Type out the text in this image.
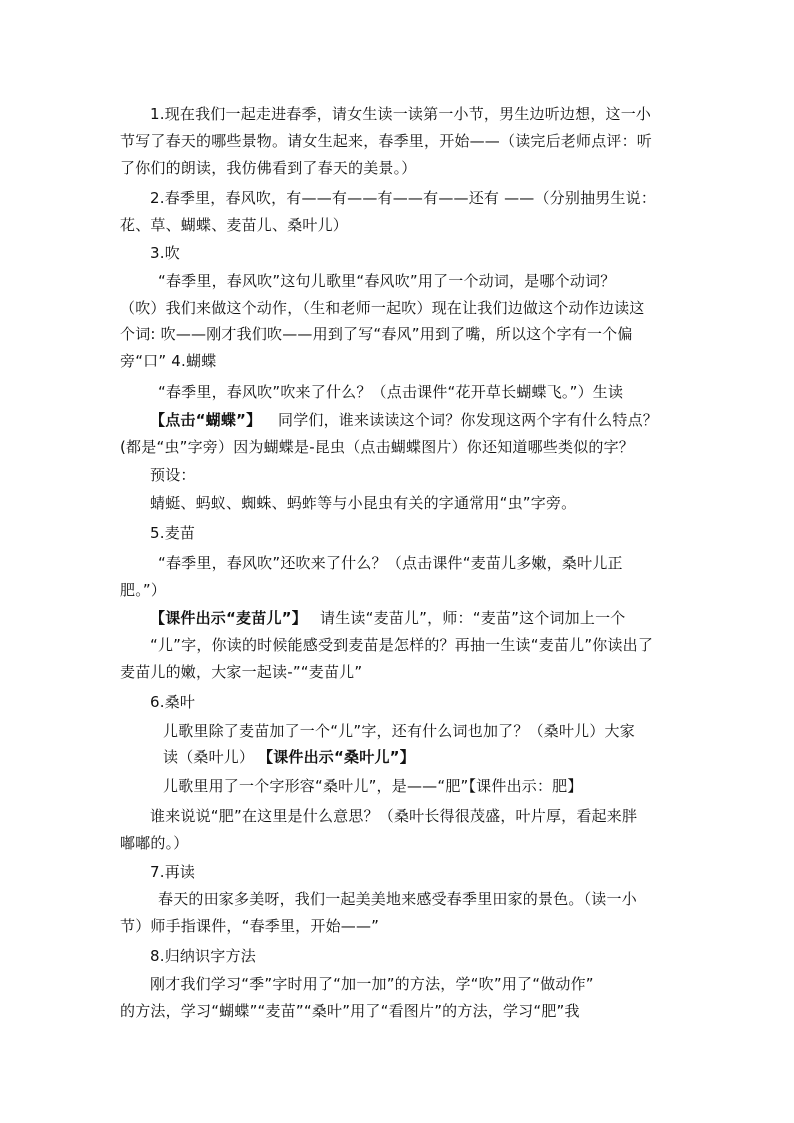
1.现在我们一起走进春季，请女生读一读第一小节，男生边听边想，这一小
节写了春天的哪些景物。请女生起来，春季里，开始——（读完后老师点评：听
了你们的朗读，我仿佛看到了春天的美景。）
2.春季里，春风吹，有——有——有——有——还有 ——（分别抽男生说：
花、草、蝴蝶、麦苗儿、桑叶儿）
3.吹
“春季里，春风吹”这句儿歌里“春风吹”用了一个动词，是哪个动词？
（吹）我们来做这个动作，（生和老师一起吹）现在让我们边做这个动作边读这
个词: 吹——刚才我们吹——用到了写“春风”用到了嘴，所以这个字有一个偏
旁“口” 4.蝴蝶
“春季里，春风吹”吹来了什么？（点击课件“花开草长蝴蝶飞。”）生读
【点击“蝴蝶”】 同学们，谁来读读这个词？你发现这两个字有什么特点？
(都是“虫”字旁）因为蝴蝶是-昆虫（点击蝴蝶图片）你还知道哪些类似的字？
预设：
蜻蜓、蚂蚁、蜘蛛、蚂蚱等与小昆虫有关的字通常用“虫”字旁。
5.麦苗
“春季里，春风吹”还吹来了什么？（点击课件“麦苗儿多嫩，桑叶儿正
肥。”）
【课件出示“麦苗儿”】 请生读“麦苗儿”，师：“麦苗”这个词加上一个
“儿”字，你读的时候能感受到麦苗是怎样的？再抽一生读“麦苗儿”你读出了
麦苗儿的嫩，大家一起读-”“麦苗儿”
6.桑叶
儿歌里除了麦苗加了一个“儿”字，还有什么词也加了？（桑叶儿）大家
读（桑叶儿） 【课件出示“桑叶儿”】
儿歌里用了一个字形容“桑叶儿”，是——“肥”【课件出示：肥】
谁来说说“肥”在这里是什么意思？（桑叶长得很茂盛，叶片厚，看起来胖
嘟嘟的。）
7.再读
春天的田家多美呀，我们一起美美地来感受春季里田家的景色。（读一小
节）师手指课件，“春季里，开始——”
8.归纳识字方法
刚才我们学习“季”字时用了“加一加”的方法，学“吹”用了“做动作”
的方法，学习“蝴蝶”“麦苗”“桑叶”用了“看图片”的方法，学习“肥”我
